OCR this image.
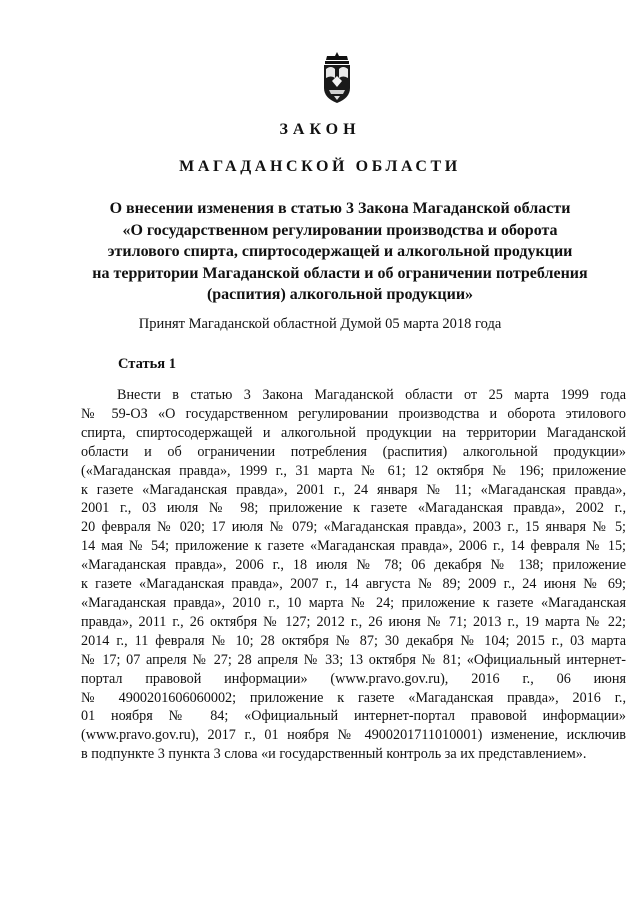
ЗАКОН
МАГАДАНСКОЙ ОБЛАСТИ
О внесении изменения в статью 3 Закона Магаданской области
«О государственном регулировании производства и оборота
этилового спирта, спиртосодержащей и алкогольной продукции
на территории Магаданской области и об ограничении потребления
(распития) алкогольной продукции»
Принят Магаданской областной Думой 05 марта 2018 года
Статья 1
Внести в статью 3 Закона Магаданской области от 25 марта 1999 года
№ 59-ОЗ «О государственном регулировании производства и оборота этилового
спирта, спиртосодержащей и алкогольной продукции на территории Магаданской
области и об ограничении потребления (распития) алкогольной продукции»
(«Магаданская правда», 1999 г., 31 марта № 61; 12 октября № 196; приложение
к газете «Магаданская правда», 2001 г., 24 января № 11; «Магаданская правда»,
2001 г., 03 июля № 98; приложение к газете «Магаданская правда», 2002 г.,
20 февраля № 020; 17 июля № 079; «Магаданская правда», 2003 г., 15 января № 5;
14 мая № 54; приложение к газете «Магаданская правда», 2006 г., 14 февраля № 15;
«Магаданская правда», 2006 г., 18 июля № 78; 06 декабря № 138; приложение
к газете «Магаданская правда», 2007 г., 14 августа № 89; 2009 г., 24 июня № 69;
«Магаданская правда», 2010 г., 10 марта № 24; приложение к газете «Магаданская
правда», 2011 г., 26 октября № 127; 2012 г., 26 июня № 71; 2013 г., 19 марта № 22;
2014 г., 11 февраля № 10; 28 октября № 87; 30 декабря № 104; 2015 г., 03 марта
№ 17; 07 апреля № 27; 28 апреля № 33; 13 октября № 81; «Официальный интернет-
портал правовой информации» (www.pravo.gov.ru), 2016 г., 06 июня
№ 4900201606060002; приложение к газете «Магаданская правда», 2016 г.,
01 ноября № 84; «Официальный интернет-портал правовой информации»
(www.pravo.gov.ru), 2017 г., 01 ноября № 4900201711010001) изменение, исключив
в подпункте 3 пункта 3 слова «и государственный контроль за их представлением».
